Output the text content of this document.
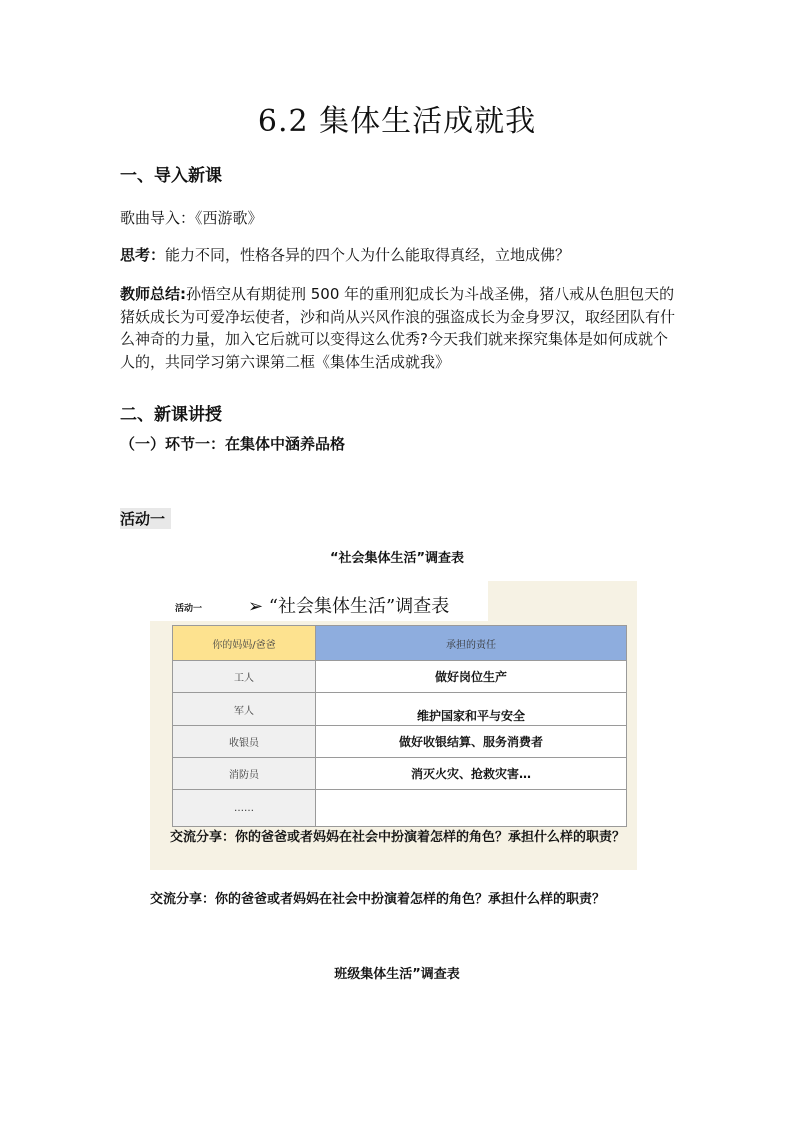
6.2 集体生活成就我
一、导入新课
歌曲导入：《西游歌》
思考：能力不同，性格各异的四个人为什么能取得真经，立地成佛？
教师总结:孙悟空从有期徒刑 500 年的重刑犯成长为斗战圣佛，猪八戒从色胆包天的猪妖成长为可爱净坛使者，沙和尚从兴风作浪的强盗成长为金身罗汉，取经团队有什么神奇的力量，加入它后就可以变得这么优秀?今天我们就来探究集体是如何成就个人的，共同学习第六课第二框《集体生活成就我》
二、新课讲授
（一）环节一：在集体中涵养品格
活动一
“社会集体生活”调查表
活动一	➢ “社会集体生活”调查表
你的妈妈/爸爸	承担的责任
工人	做好岗位生产
军人	维护国家和平与安全
收银员	做好收银结算、服务消费者
消防员	消灭火灾、抢救灾害…
……	
交流分享：你的爸爸或者妈妈在社会中扮演着怎样的角色？承担什么样的职责？
交流分享：你的爸爸或者妈妈在社会中扮演着怎样的角色？承担什么样的职责？
班级集体生活”调查表
